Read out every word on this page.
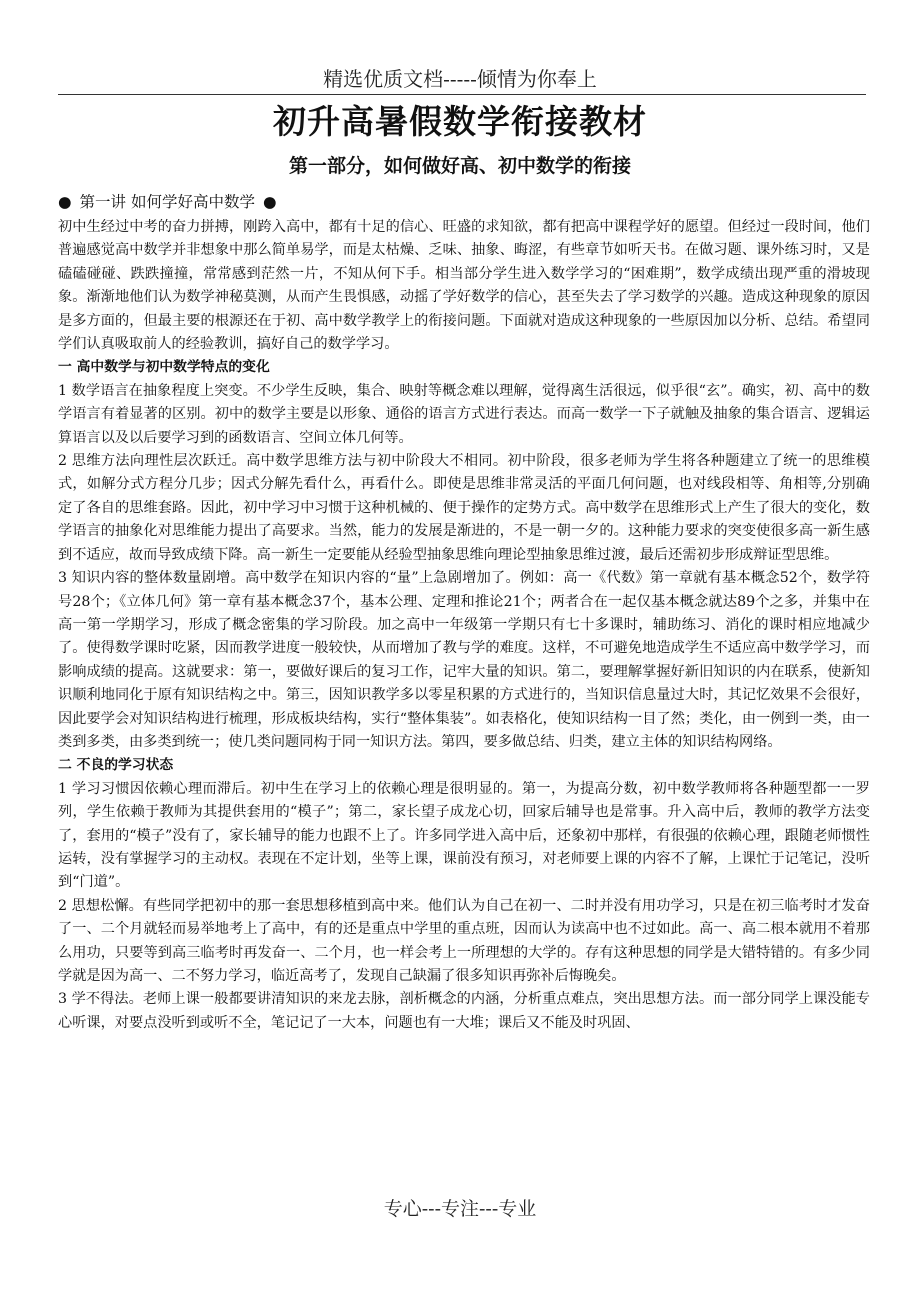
精选优质文档-----倾情为你奉上
初升高暑假数学衔接教材
第一部分，如何做好高、初中数学的衔接
● 第一讲 如何学好高中数学 ●

初中生经过中考的奋力拼搏，刚跨入高中，都有十足的信心、旺盛的求知欲，都有把高中课程学好的愿望。但经过一段时间，他们普遍感觉高中数学并非想象中那么简单易学，而是太枯燥、乏味、抽象、晦涩，有些章节如听天书。在做习题、课外练习时，又是磕磕碰碰、跌跌撞撞，常常感到茫然一片，不知从何下手。相当部分学生进入数学学习的“困难期”，数学成绩出现严重的滑坡现象。渐渐地他们认为数学神秘莫测，从而产生畏惧感，动摇了学好数学的信心，甚至失去了学习数学的兴趣。造成这种现象的原因是多方面的，但最主要的根源还在于初、高中数学教学上的衔接问题。下面就对造成这种现象的一些原因加以分析、总结。希望同学们认真吸取前人的经验教训，搞好自己的数学学习。

一 高中数学与初中数学特点的变化

1 数学语言在抽象程度上突变。不少学生反映，集合、映射等概念难以理解，觉得离生活很远，似乎很“玄”。确实，初、高中的数学语言有着显著的区别。初中的数学主要是以形象、通俗的语言方式进行表达。而高一数学一下子就触及抽象的集合语言、逻辑运算语言以及以后要学习到的函数语言、空间立体几何等。

2 思维方法向理性层次跃迁。高中数学思维方法与初中阶段大不相同。初中阶段，很多老师为学生将各种题建立了统一的思维模式，如解分式方程分几步；因式分解先看什么，再看什么。即使是思维非常灵活的平面几何问题，也对线段相等、角相等,分别确定了各自的思维套路。因此，初中学习中习惯于这种机械的、便于操作的定势方式。高中数学在思维形式上产生了很大的变化，数学语言的抽象化对思维能力提出了高要求。当然，能力的发展是渐进的，不是一朝一夕的。这种能力要求的突变使很多高一新生感到不适应，故而导致成绩下降。高一新生一定要能从经验型抽象思维向理论型抽象思维过渡，最后还需初步形成辩证型思维。

3 知识内容的整体数量剧增。高中数学在知识内容的“量”上急剧增加了。例如：高一《代数》第一章就有基本概念52个，数学符号28个；《立体几何》第一章有基本概念37个，基本公理、定理和推论21个；两者合在一起仅基本概念就达89个之多，并集中在高一第一学期学习，形成了概念密集的学习阶段。加之高中一年级第一学期只有七十多课时，辅助练习、消化的课时相应地减少了。使得数学课时吃紧，因而教学进度一般较快，从而增加了教与学的难度。这样，不可避免地造成学生不适应高中数学学习，而影响成绩的提高。这就要求：第一，要做好课后的复习工作，记牢大量的知识。第二，要理解掌握好新旧知识的内在联系，使新知识顺利地同化于原有知识结构之中。第三，因知识教学多以零星积累的方式进行的，当知识信息量过大时，其记忆效果不会很好，因此要学会对知识结构进行梳理，形成板块结构，实行“整体集装”。如表格化，使知识结构一目了然；类化，由一例到一类，由一类到多类，由多类到统一；使几类问题同构于同一知识方法。第四，要多做总结、归类，建立主体的知识结构网络。

二 不良的学习状态

1 学习习惯因依赖心理而滞后。初中生在学习上的依赖心理是很明显的。第一，为提高分数，初中数学教师将各种题型都一一罗列，学生依赖于教师为其提供套用的“模子”；第二，家长望子成龙心切，回家后辅导也是常事。升入高中后，教师的教学方法变了，套用的“模子”没有了，家长辅导的能力也跟不上了。许多同学进入高中后，还象初中那样，有很强的依赖心理，跟随老师惯性运转，没有掌握学习的主动权。表现在不定计划，坐等上课，课前没有预习，对老师要上课的内容不了解，上课忙于记笔记，没听到“门道”。

2 思想松懈。有些同学把初中的那一套思想移植到高中来。他们认为自己在初一、二时并没有用功学习，只是在初三临考时才发奋了一、二个月就轻而易举地考上了高中，有的还是重点中学里的重点班，因而认为读高中也不过如此。高一、高二根本就用不着那么用功，只要等到高三临考时再发奋一、二个月，也一样会考上一所理想的大学的。存有这种思想的同学是大错特错的。有多少同学就是因为高一、二不努力学习，临近高考了，发现自己缺漏了很多知识再弥补后悔晚矣。

3 学不得法。老师上课一般都要讲清知识的来龙去脉，剖析概念的内涵，分析重点难点，突出思想方法。而一部分同学上课没能专心听课，对要点没听到或听不全，笔记记了一大本，问题也有一大堆；课后又不能及时巩固、

专心---专注---专业
